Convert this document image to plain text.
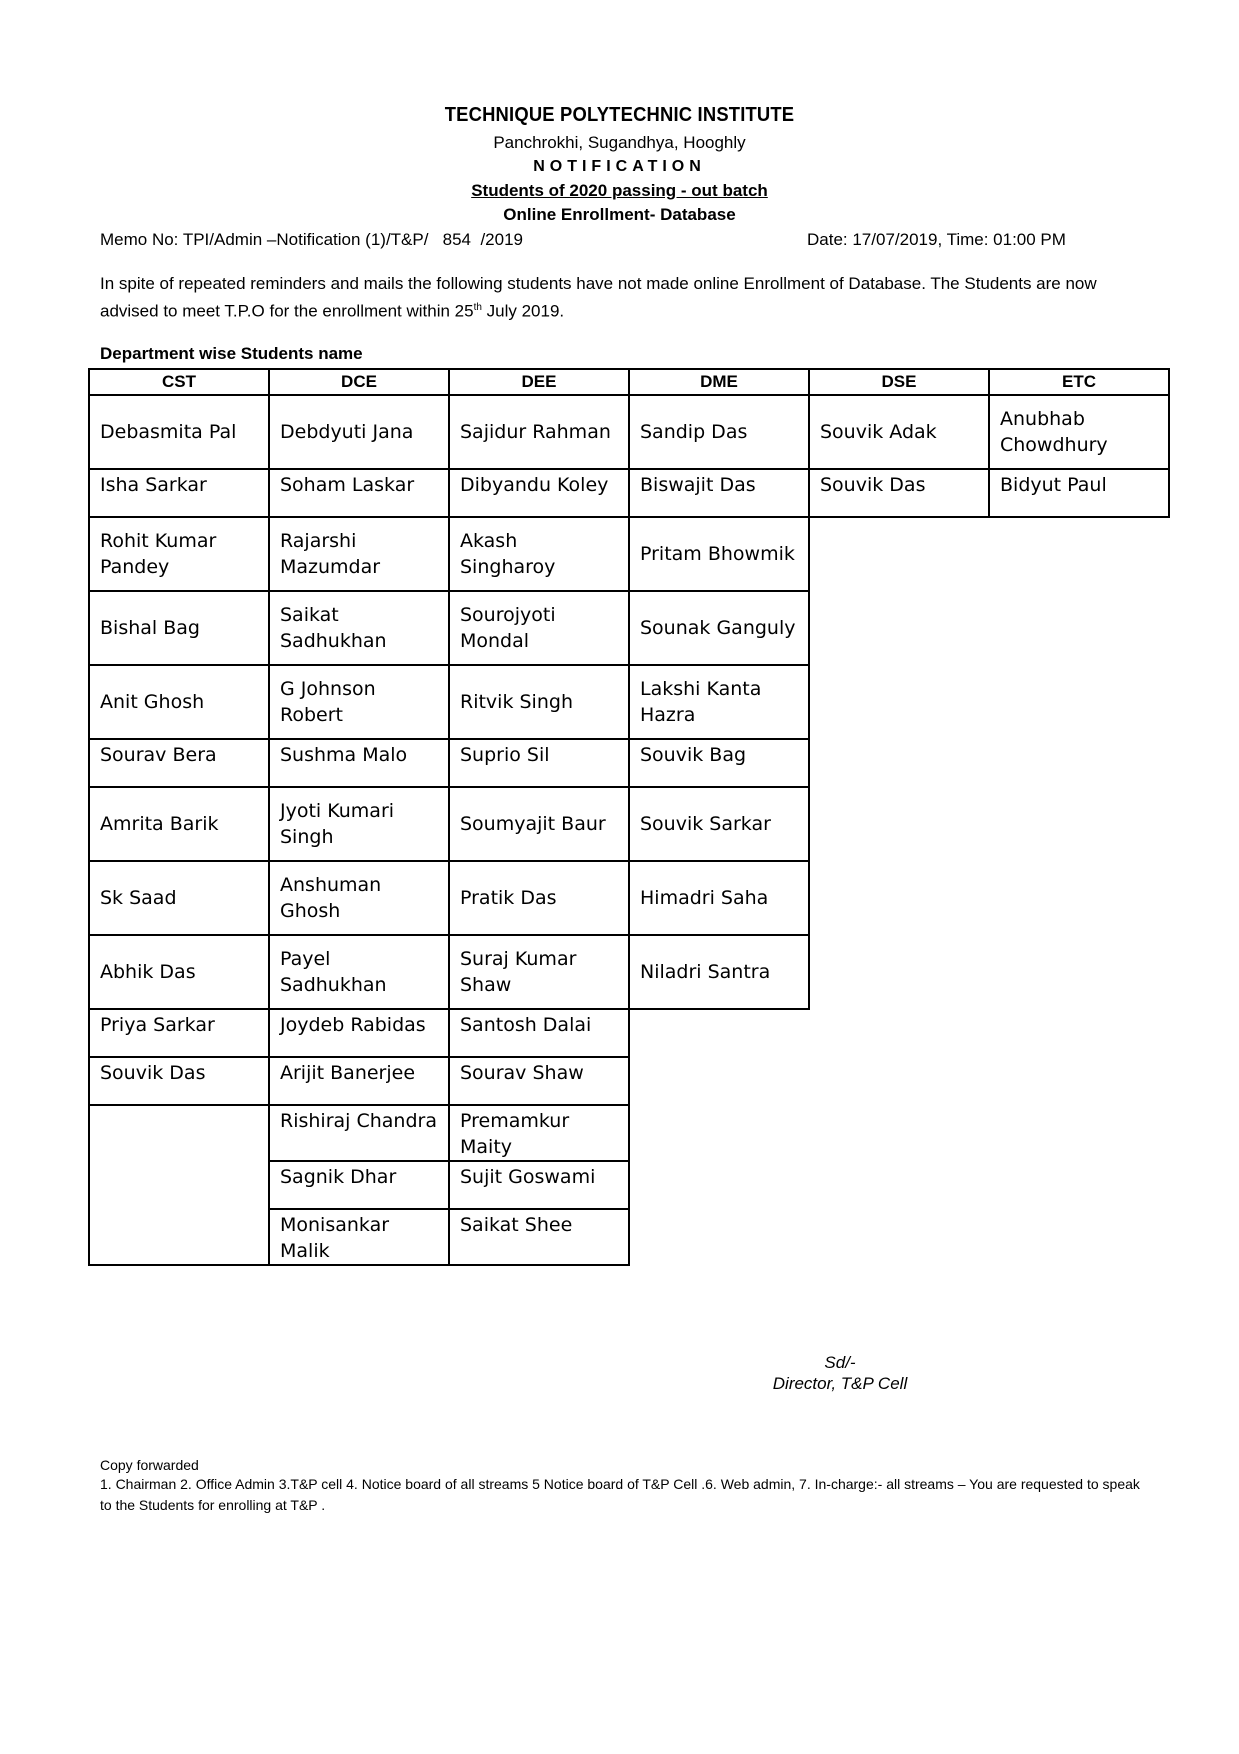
TECHNIQUE POLYTECHNIC INSTITUTE
Panchrokhi, Sugandhya, Hooghly
NOTIFICATION
Students of 2020 passing - out batch
Online Enrollment- Database
Memo No: TPI/Admin –Notification (1)/T&P/   854  /2019	Date: 17/07/2019, Time: 01:00 PM
In spite of repeated reminders and mails the following students have not made online Enrollment of Database. The Students are now advised to meet T.P.O for the enrollment within 25th July 2019.
Department wise Students name
CST	DCE	DEE	DME	DSE	ETC
Debasmita Pal	Debdyuti Jana	Sajidur Rahman	Sandip Das	Souvik Adak	Anubhab Chowdhury
Isha Sarkar	Soham Laskar	Dibyandu Koley	Biswajit Das	Souvik Das	Bidyut Paul
Rohit Kumar Pandey	Rajarshi Mazumdar	Akash Singharoy	Pritam Bhowmik		
Bishal Bag	Saikat Sadhukhan	Sourojyoti Mondal	Sounak Ganguly		
Anit Ghosh	G Johnson Robert	Ritvik Singh	Lakshi Kanta Hazra		
Sourav Bera	Sushma Malo	Suprio Sil	Souvik Bag		
Amrita Barik	Jyoti Kumari Singh	Soumyajit Baur	Souvik Sarkar		
Sk Saad	Anshuman Ghosh	Pratik Das	Himadri Saha		
Abhik Das	Payel Sadhukhan	Suraj Kumar Shaw	Niladri Santra		
Priya Sarkar	Joydeb Rabidas	Santosh Dalai			
Souvik Das	Arijit Banerjee	Sourav Shaw			
	Rishiraj Chandra	Premamkur Maity			
	Sagnik Dhar	Sujit Goswami			
	Monisankar Malik	Saikat Shee			
Sd/-
Director, T&P Cell
Copy forwarded
1. Chairman 2. Office Admin 3.T&P cell 4. Notice board of all streams 5 Notice board of T&P Cell .6. Web admin, 7. In-charge:- all streams – You are requested to speak to the Students for enrolling at T&P .
